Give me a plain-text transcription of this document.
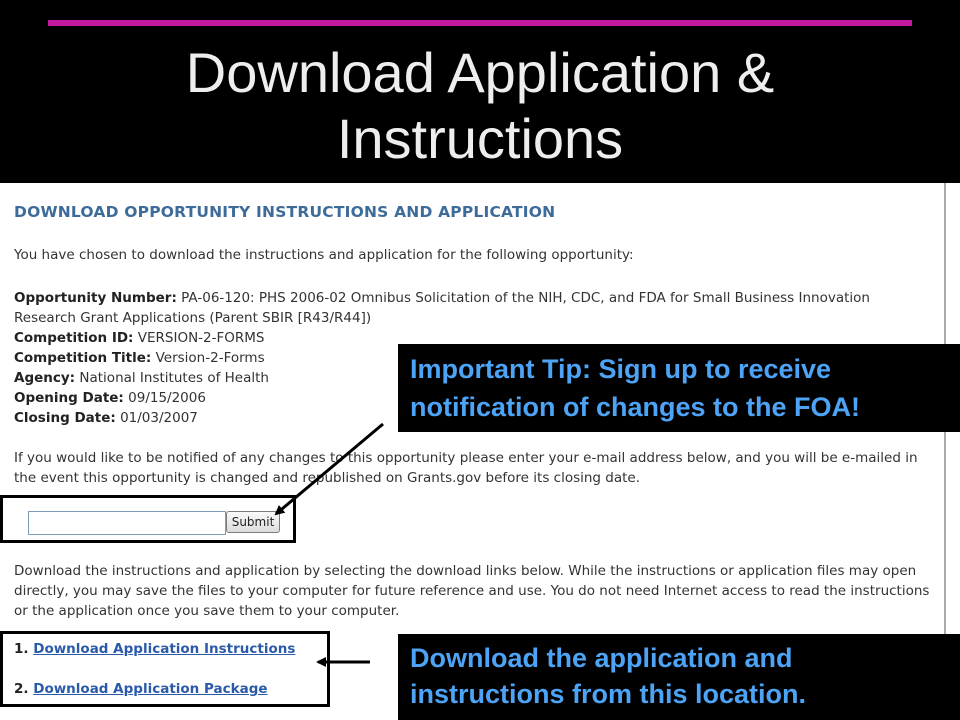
Download Application &
Instructions
DOWNLOAD OPPORTUNITY INSTRUCTIONS AND APPLICATION
You have chosen to download the instructions and application for the following opportunity:
Opportunity Number: PA-06-120: PHS 2006-02 Omnibus Solicitation of the NIH, CDC, and FDA for Small Business Innovation Research Grant Applications (Parent SBIR [R43/R44])
Competition ID: VERSION-2-FORMS
Competition Title: Version-2-Forms
Agency: National Institutes of Health
Opening Date: 09/15/2006
Closing Date: 01/03/2007
If you would like to be notified of any changes to this opportunity please enter your e-mail address below, and you will be e-mailed in the event this opportunity is changed and republished on Grants.gov before its closing date.
Submit
Download the instructions and application by selecting the download links below. While the instructions or application files may open directly, you may save the files to your computer for future reference and use. You do not need Internet access to read the instructions or the application once you save them to your computer.
1. Download Application Instructions
2. Download Application Package
Important Tip: Sign up to receive notification of changes to the FOA!
Download the application and instructions from this location.
